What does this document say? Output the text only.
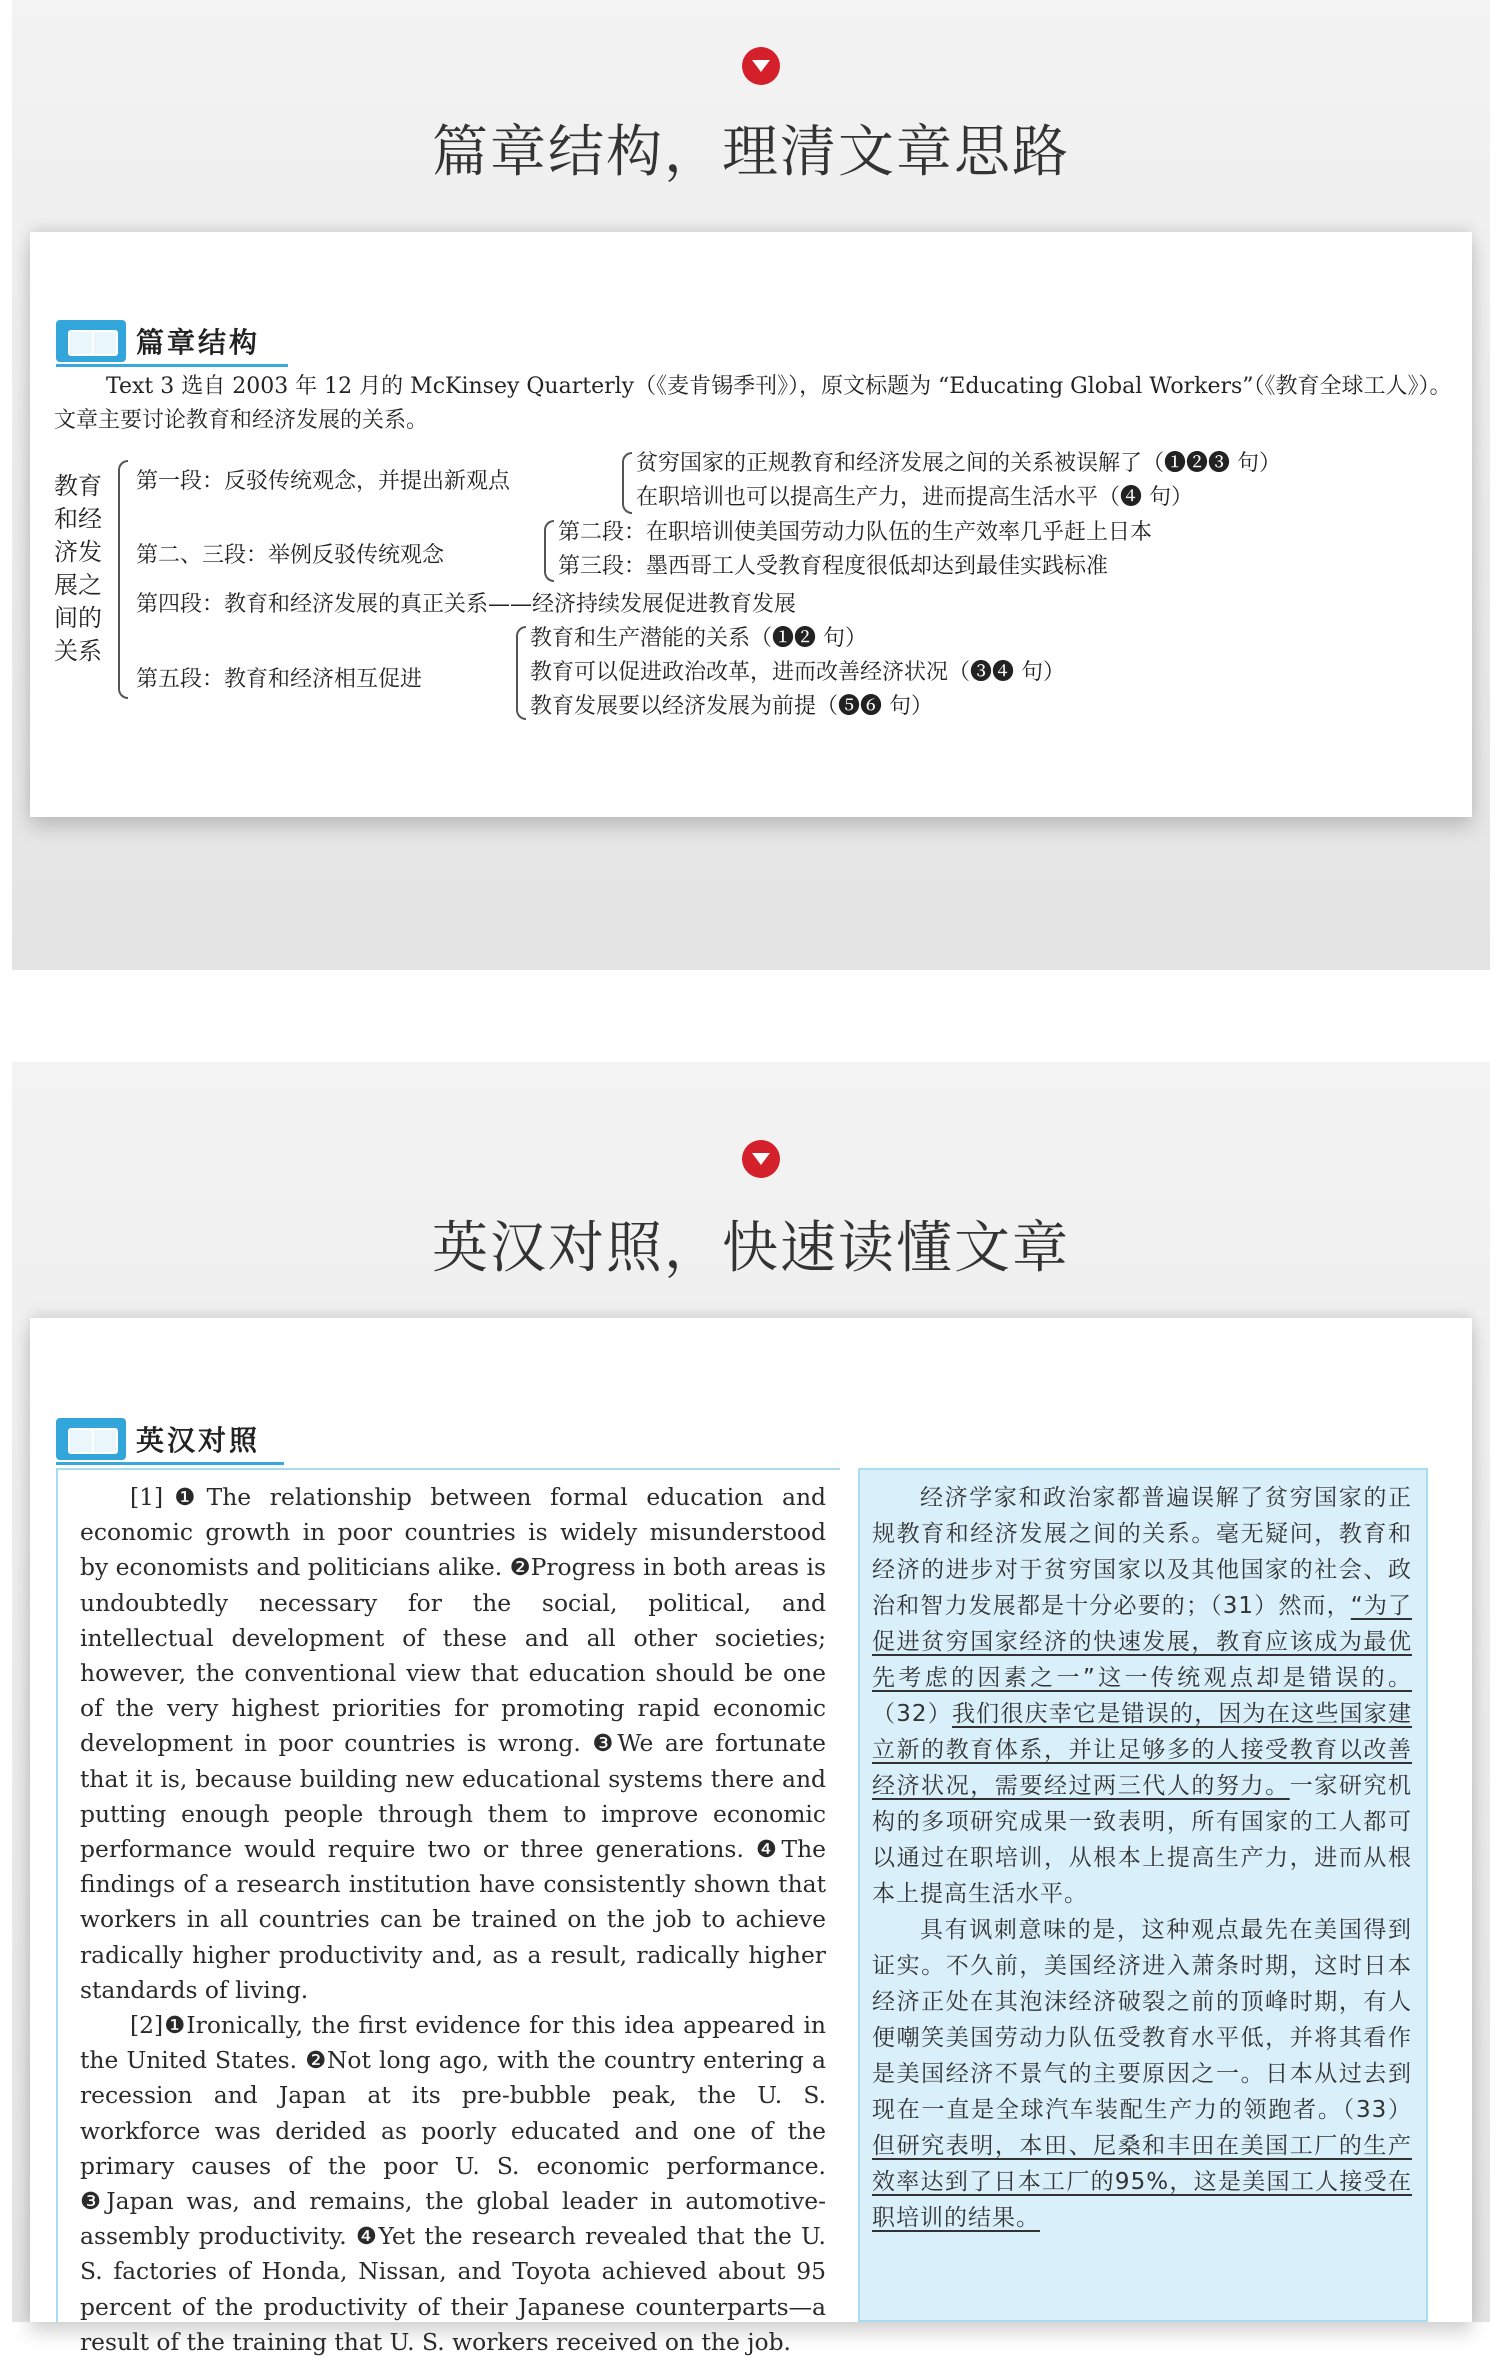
篇章结构，理清文章思路
篇章结构
Text 3 选自 2003 年 12 月的 McKinsey Quarterly（《麦肯锡季刊》），原文标题为 “Educating Global Workers”（《教育全球工人》）。文章主要讨论教育和经济发展的关系。
教育和经济发展之间的关系
第一段：反驳传统观念，并提出新观点
贫穷国家的正规教育和经济发展之间的关系被误解了（❶❷❸ 句）
在职培训也可以提高生产力，进而提高生活水平（❹ 句）
第二、三段：举例反驳传统观念
第二段：在职培训使美国劳动力队伍的生产效率几乎赶上日本
第三段：墨西哥工人受教育程度很低却达到最佳实践标准
第四段：教育和经济发展的真正关系——经济持续发展促进教育发展
第五段：教育和经济相互促进
教育和生产潜能的关系（❶❷ 句）
教育可以促进政治改革，进而改善经济状况（❸❹ 句）
教育发展要以经济发展为前提（❺❻ 句）
英汉对照，快速读懂文章
英汉对照

[1]❶The relationship between formal education and economic growth in poor countries is widely misunderstood by economists and politicians alike. ❷Progress in both areas is undoubtedly necessary for the social, political, and intellectual development of these and all other societies; however, the conventional view that education should be one of the very highest priorities for promoting rapid economic development in poor countries is wrong. ❸We are fortunate that it is, because building new educational systems there and putting enough people through them to improve economic performance would require two or three generations. ❹The findings of a research institution have consistently shown that workers in all countries can be trained on the job to achieve radically higher productivity and, as a result, radically higher standards of living.

[2]❶Ironically, the first evidence for this idea appeared in the United States. ❷Not long ago, with the country entering a recession and Japan at its pre-bubble peak, the U. S. workforce was derided as poorly educated and one of the primary causes of the poor U. S. economic performance. ❸Japan was, and remains, the global leader in automotive-assembly productivity. ❹Yet the research revealed that the U. S. factories of Honda, Nissan, and Toyota achieved about 95 percent of the productivity of their Japanese counterparts—a result of the training that U. S. workers received on the job.

经济学家和政治家都普遍误解了贫穷国家的正规教育和经济发展之间的关系。毫无疑问，教育和经济的进步对于贫穷国家以及其他国家的社会、政治和智力发展都是十分必要的；（31）然而，“为了促进贫穷国家经济的快速发展，教育应该成为最优先考虑的因素之一”这一传统观点却是错误的。（32）我们很庆幸它是错误的，因为在这些国家建立新的教育体系，并让足够多的人接受教育以改善经济状况，需要经过两三代人的努力。一家研究机构的多项研究成果一致表明，所有国家的工人都可以通过在职培训，从根本上提高生产力，进而从根本上提高生活水平。

具有讽刺意味的是，这种观点最先在美国得到证实。不久前，美国经济进入萧条时期，这时日本经济正处在其泡沫经济破裂之前的顶峰时期，有人便嘲笑美国劳动力队伍受教育水平低，并将其看作是美国经济不景气的主要原因之一。日本从过去到现在一直是全球汽车装配生产力的领跑者。（33）但研究表明，本田、尼桑和丰田在美国工厂的生产效率达到了日本工厂的95%，这是美国工人接受在职培训的结果。
